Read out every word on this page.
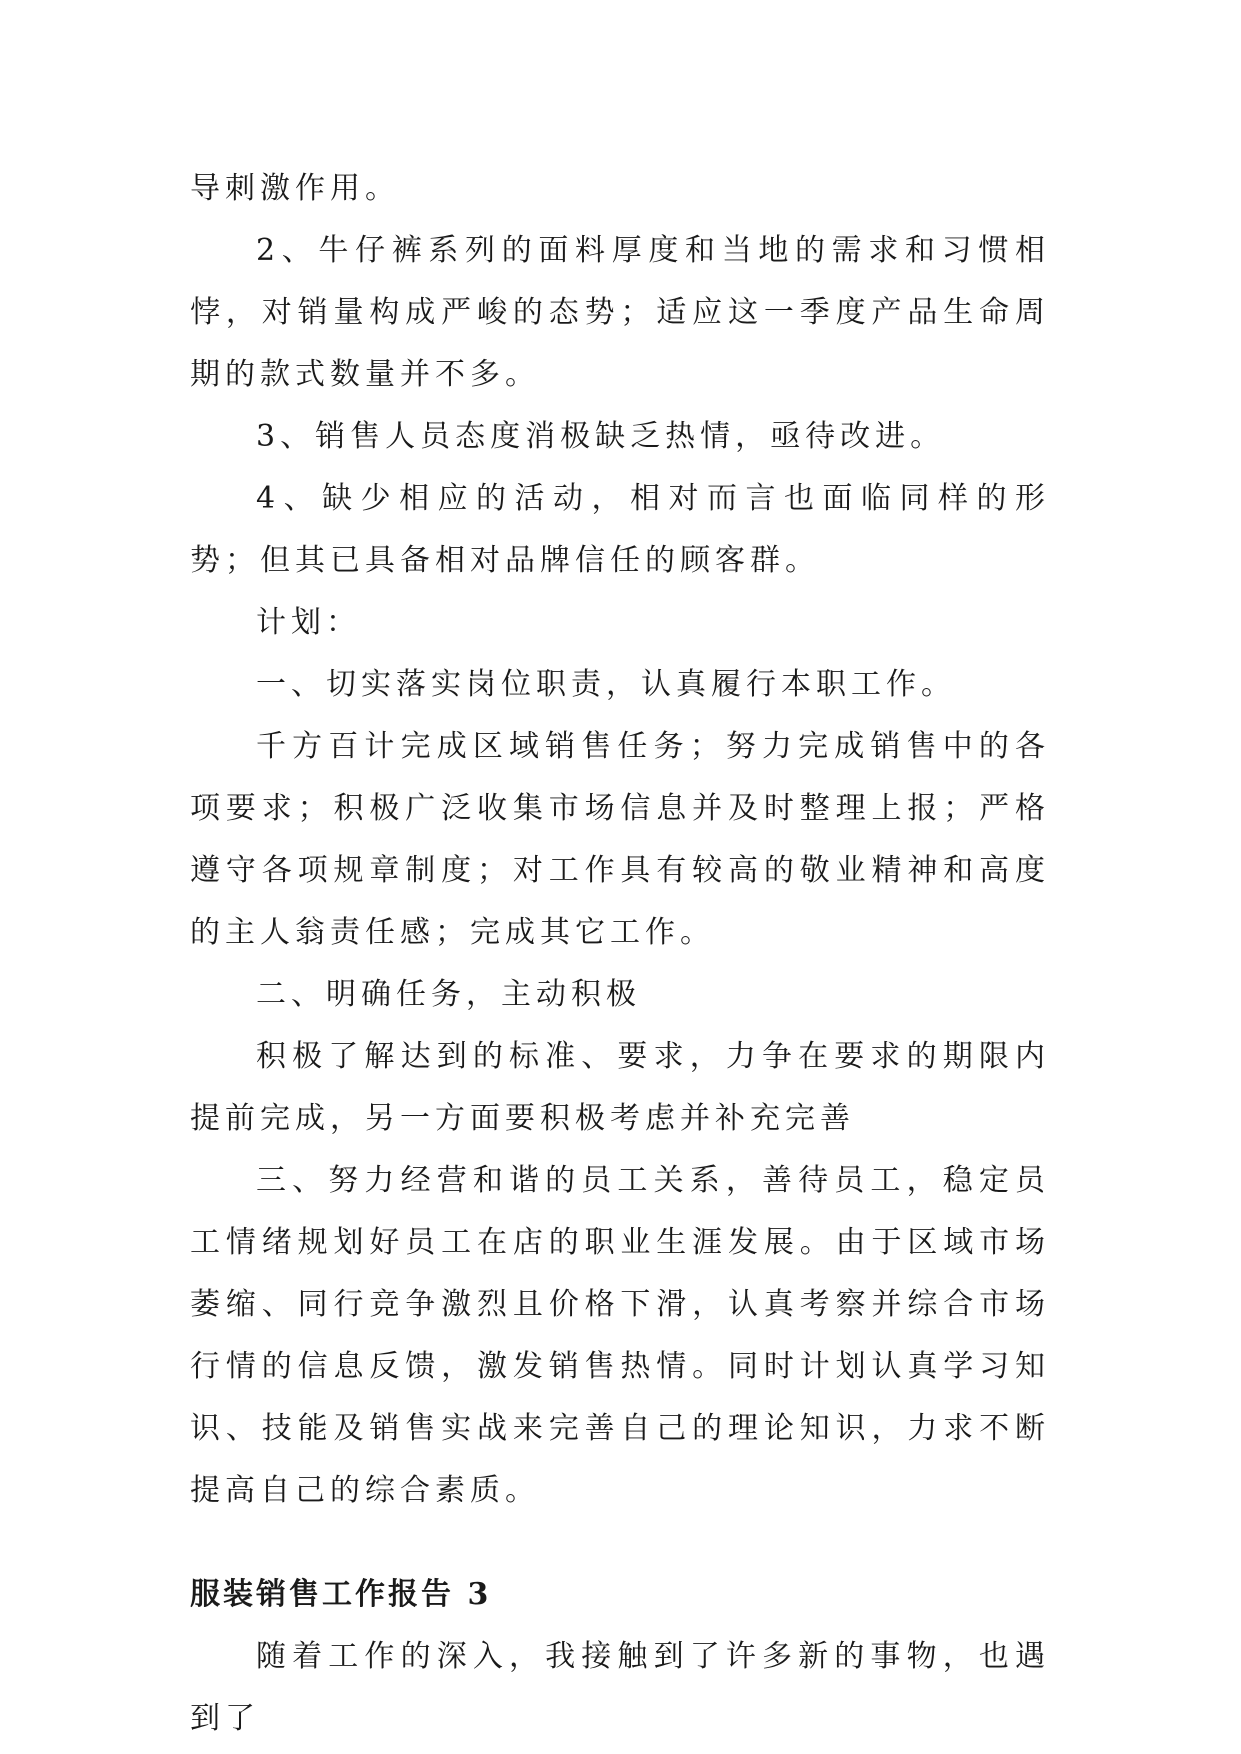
导刺激作用。

2、牛仔裤系列的面料厚度和当地的需求和习惯相悖，对销量构成严峻的态势；适应这一季度产品生命周期的款式数量并不多。

3、销售人员态度消极缺乏热情，亟待改进。

4、缺少相应的活动，相对而言也面临同样的形势；但其已具备相对品牌信任的顾客群。

计划：

一、切实落实岗位职责，认真履行本职工作。

千方百计完成区域销售任务；努力完成销售中的各项要求；积极广泛收集市场信息并及时整理上报；严格遵守各项规章制度；对工作具有较高的敬业精神和高度的主人翁责任感；完成其它工作。

二、明确任务，主动积极

积极了解达到的标准、要求，力争在要求的期限内提前完成，另一方面要积极考虑并补充完善

三、努力经营和谐的员工关系，善待员工，稳定员工情绪规划好员工在店的职业生涯发展。由于区域市场萎缩、同行竞争激烈且价格下滑，认真考察并综合市场行情的信息反馈，激发销售热情。同时计划认真学习知识、技能及销售实战来完善自己的理论知识，力求不断提高自己的综合素质。

服装销售工作报告 3

随着工作的深入，我接触到了许多新的事物，也遇到了
